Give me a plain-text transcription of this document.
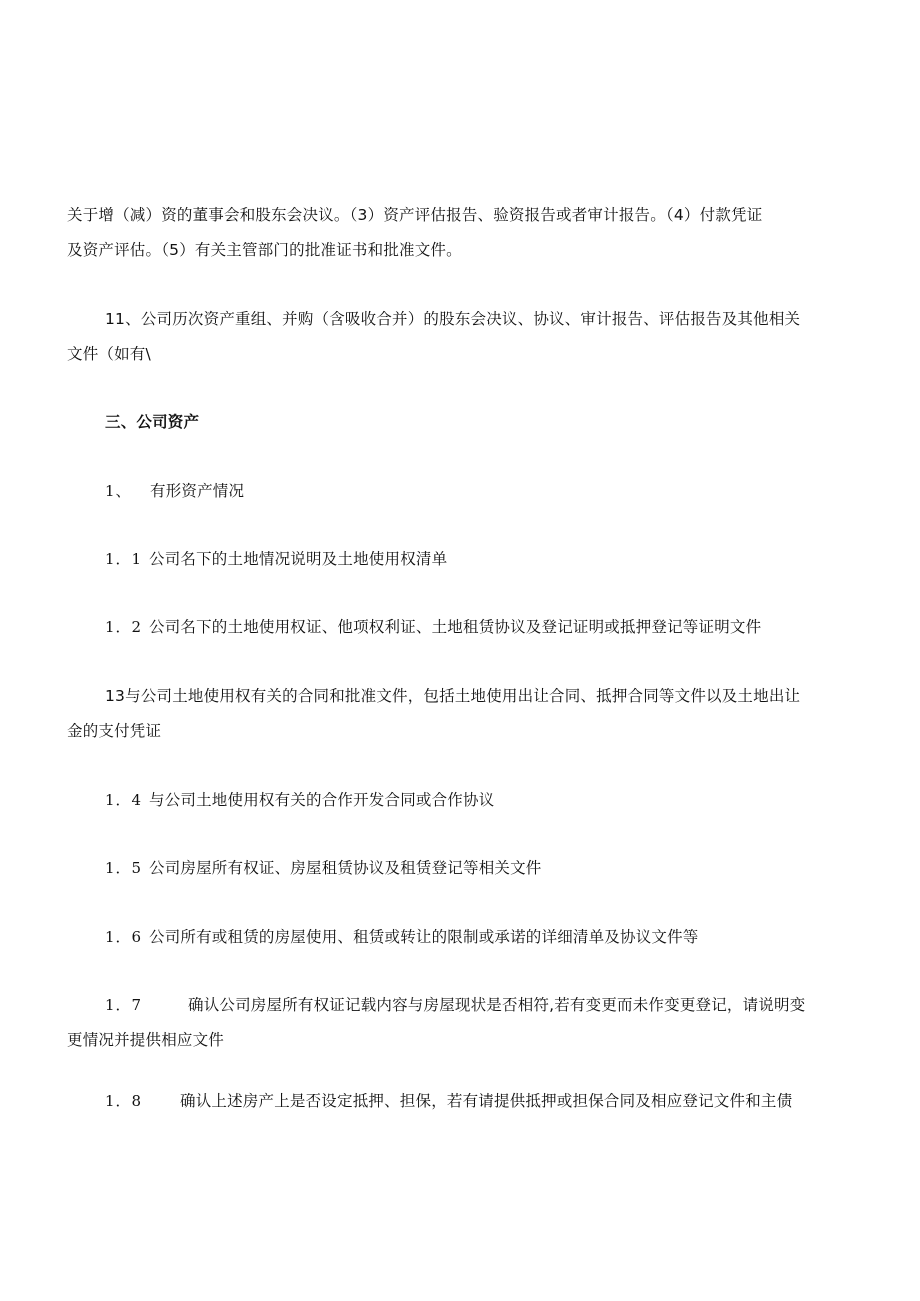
关于增（减）资的董事会和股东会决议。（3）资产评估报告、验资报告或者审计报告。（4）付款凭证
及资产评估。（5）有关主管部门的批准证书和批准文件。
11、公司历次资产重组、并购（含吸收合并）的股东会决议、协议、审计报告、评估报告及其他相关
文件（如有\
三、公司资产
1、 有形资产情况
1．1 公司名下的土地情况说明及土地使用权清单
1．2 公司名下的土地使用权证、他项权利证、土地租赁协议及登记证明或抵押登记等证明文件
13与公司土地使用权有关的合同和批准文件，包括土地使用出让合同、抵押合同等文件以及土地出让
金的支付凭证
1．4 与公司土地使用权有关的合作开发合同或合作协议
1．5 公司房屋所有权证、房屋租赁协议及租赁登记等相关文件
1．6 公司所有或租赁的房屋使用、租赁或转让的限制或承诺的详细清单及协议文件等
1．7	确认公司房屋所有权证记载内容与房屋现状是否相符,若有变更而未作变更登记，请说明变
更情况并提供相应文件
1．8 确认上述房产上是否设定抵押、担保，若有请提供抵押或担保合同及相应登记文件和主债
